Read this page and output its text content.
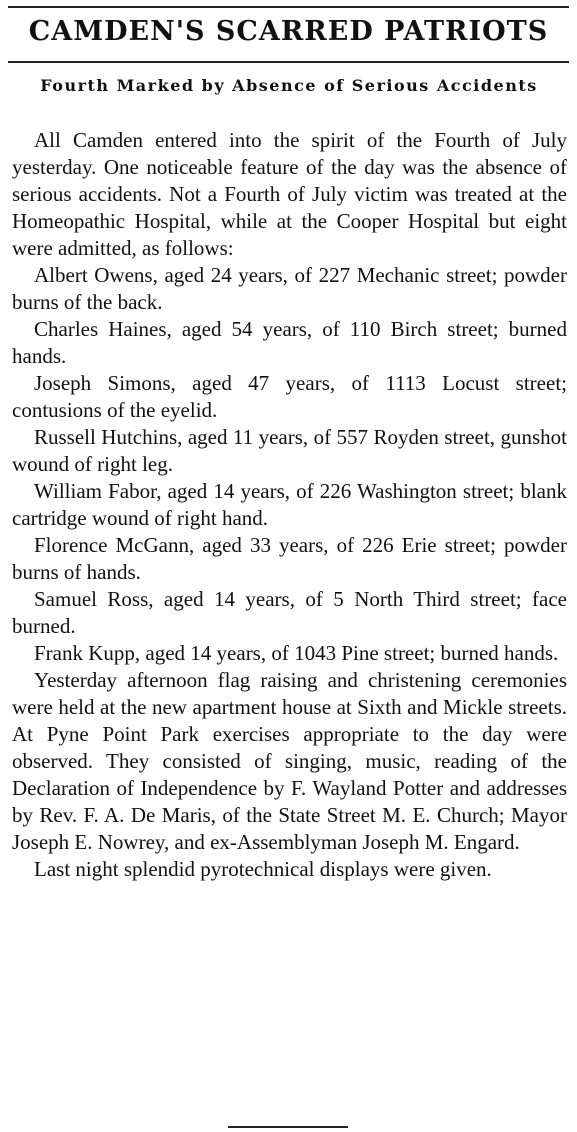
CAMDEN'S SCARRED PATRIOTS
Fourth Marked by Absence of Serious Accidents

All Camden entered into the spirit of the Fourth of July yesterday. One noticeable feature of the day was the absence of serious accidents. Not a Fourth of July victim was treated at the Homeopathic Hospital, while at the Cooper Hospital but eight were admitted, as follows:

Albert Owens, aged 24 years, of 227 Mechanic street; powder burns of the back.

Charles Haines, aged 54 years, of 110 Birch street; burned hands.

Joseph Simons, aged 47 years, of 1113 Locust street; contusions of the eyelid.

Russell Hutchins, aged 11 years, of 557 Royden street, gunshot wound of right leg.

William Fabor, aged 14 years, of 226 Washington street; blank cartridge wound of right hand.

Florence McGann, aged 33 years, of 226 Erie street; powder burns of hands.

Samuel Ross, aged 14 years, of 5 North Third street; face burned.

Frank Kupp, aged 14 years, of 1043 Pine street; burned hands.

Yesterday afternoon flag raising and christening ceremonies were held at the new apartment house at Sixth and Mickle streets. At Pyne Point Park exercises appropriate to the day were observed. They consisted of singing, music, reading of the Declaration of Independence by F. Wayland Potter and addresses by Rev. F. A. De Maris, of the State Street M. E. Church; Mayor Joseph E. Nowrey, and ex-Assemblyman Joseph M. Engard.

Last night splendid pyrotechnical displays were given.
